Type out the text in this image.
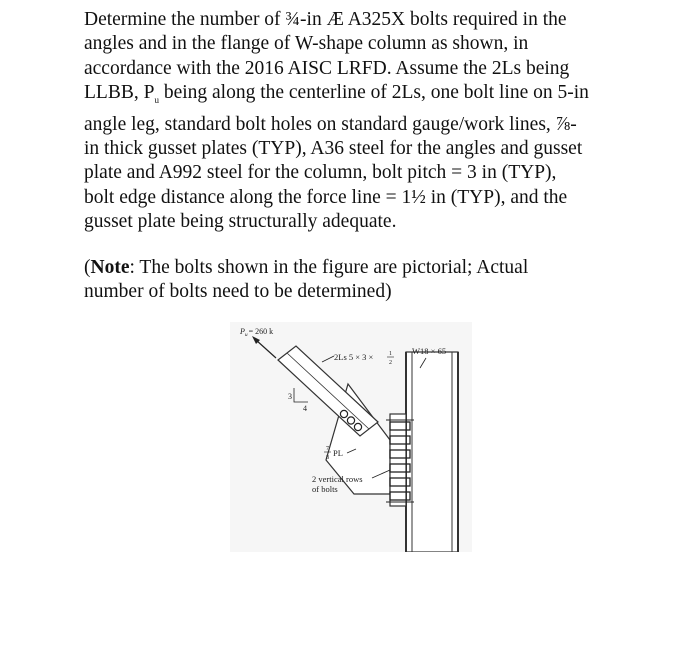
Determine the number of ¾-in Æ A325X bolts required in the
angles and in the flange of W-shape column as shown, in
accordance with the 2016 AISC LRFD. Assume the 2Ls being
LLBB, $P_u$ being along the centerline of 2Ls, one bolt line on 5-in
angle leg, standard bolt holes on standard gauge/work lines, ⅞-
in thick gusset plates (TYP), A36 steel for the angles and gusset
plate and A992 steel for the column, bolt pitch = 3 in (TYP),
bolt edge distance along the force line = 1½ in (TYP), and the
gusset plate being structurally adequate.
(Note: The bolts shown in the figure are pictorial; Actual
number of bolts need to be determined)
$P_u= 260$ k
3
4
2Ls 5 × 3 ×	1
2
W18 × 65
7
8 PL
2 vertical rows
of bolts
